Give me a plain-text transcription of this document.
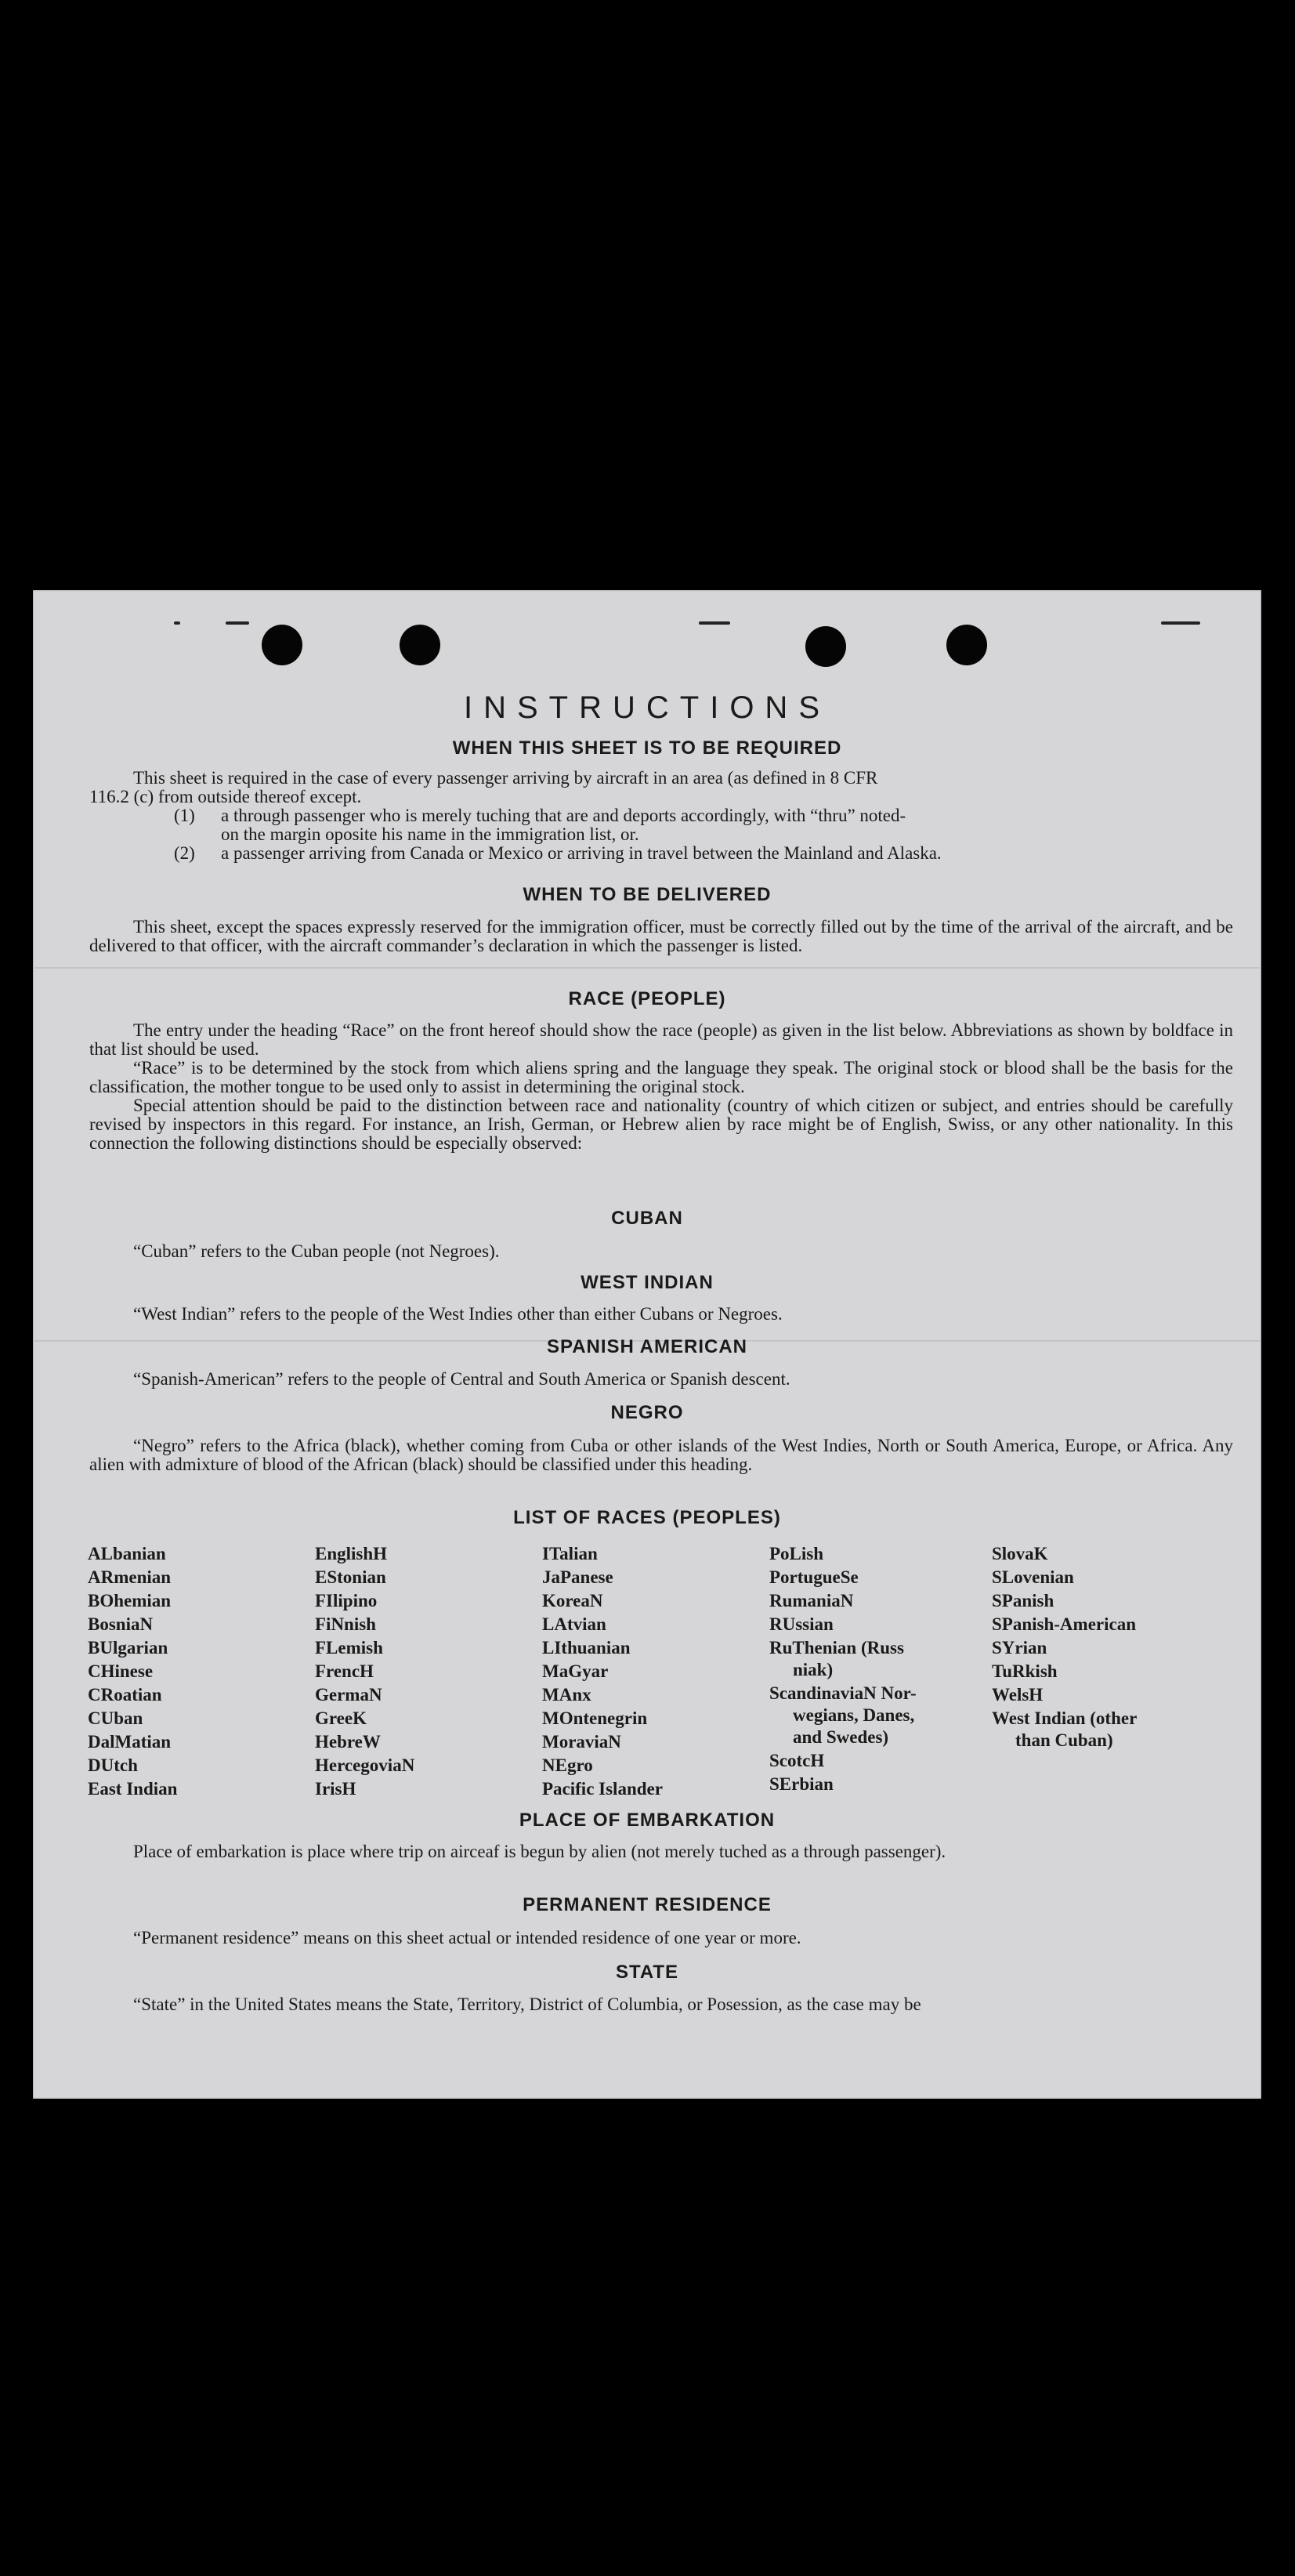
INSTRUCTIONS
WHEN THIS SHEET IS TO BE REQUIRED

This sheet is required in the case of every passenger arriving by aircraft in an area (as defined in 8 CFR

116.2 (c) from outside thereof except.

(1)	a through passenger who is merely tuching that are and deports accordingly, with “thru” noted-
on the margin oposite his name in the immigration list, or.
(2)	a passenger arriving from Canada or Mexico or arriving in travel between the Mainland and Alaska.
WHEN TO BE DELIVERED

This sheet, except the spaces expressly reserved for the immigration officer, must be correctly filled out by the time of the arrival of the aircraft, and be delivered to that officer, with the aircraft commander’s declaration in which the passenger is listed.

RACE (PEOPLE)

The entry under the heading “Race” on the front hereof should show the race (people) as given in the list below. Abbreviations as shown by boldface in that list should be used.

“Race” is to be determined by the stock from which aliens spring and the language they speak. The original stock or blood shall be the basis for the classification, the mother tongue to be used only to assist in determining the original stock.

Special attention should be paid to the distinction between race and nationality (country of which citizen or subject, and entries should be carefully revised by inspectors in this regard. For instance, an Irish, German, or Hebrew alien by race might be of English, Swiss, or any other nationality. In this connection the following distinctions should be especially observed:

CUBAN
“Cuban” refers to the Cuban people (not Negroes).
WEST INDIAN
“West Indian” refers to the people of the West Indies other than either Cubans or Negroes.
SPANISH AMERICAN
“Spanish-American” refers to the people of Central and South America or Spanish descent.
NEGRO

“Negro” refers to the Africa (black), whether coming from Cuba or other islands of the West Indies, North or South America, Europe, or Africa. Any alien with admixture of blood of the African (black) should be classified under this heading.

LIST OF RACES (PEOPLES)
ALbanian
ARmenian
BOhemian
BosniaN
BUlgarian
CHinese
CRoatian
CUban
DalMatian
DUtch
East Indian
EnglishH
EStonian
FIlipino
FiNnish
FLemish
FrencH
GermaN
GreeK
HebreW
HercegoviaN
IrisH
ITalian
JaPanese
KoreaN
LAtvian
LIthuanian
MaGyar
MAnx
MOntenegrin
MoraviaN
NEgro
Pacific Islander
PoLish
PortugueSe
RumaniaN
RUssian
RuThenian (Russ
niak)
ScandinaviaN Nor-
wegians, Danes,
and Swedes)
ScotcH
SErbian
SlovaK
SLovenian
SPanish
SPanish-American
SYrian
TuRkish
WelsH
West Indian (other
than Cuban)
PLACE OF EMBARKATION

Place of embarkation is place where trip on airceaf is begun by alien (not merely tuched as a through passenger).

PERMANENT RESIDENCE
“Permanent residence” means on this sheet actual or intended residence of one year or more.
STATE
“State” in the United States means the State, Territory, District of Columbia, or Posession, as the case may be
